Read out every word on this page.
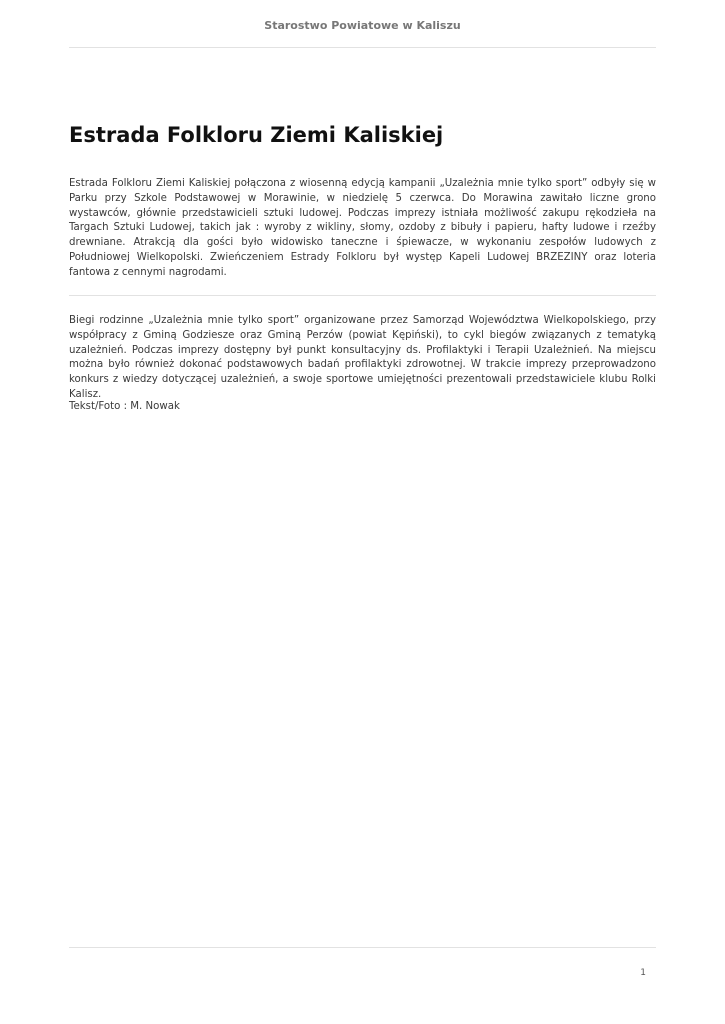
Starostwo Powiatowe w Kaliszu
Estrada Folkloru Ziemi Kaliskiej

Estrada Folkloru Ziemi Kaliskiej połączona z wiosenną edycją kampanii „Uzależnia mnie tylko sport” odbyły się w Parku przy Szkole Podstawowej w Morawinie, w niedzielę 5 czerwca. Do Morawina zawitało liczne grono wystawców, głównie przedstawicieli sztuki ludowej. Podczas imprezy istniała możliwość zakupu rękodzieła na Targach Sztuki Ludowej, takich jak : wyroby z wikliny, słomy, ozdoby z bibuły i papieru, hafty ludowe i rzeźby drewniane. Atrakcją dla gości było widowisko taneczne i śpiewacze, w wykonaniu zespołów ludowych z Południowej Wielkopolski. Zwieńczeniem Estrady Folkloru był występ Kapeli Ludowej BRZEZINY oraz loteria fantowa z cennymi nagrodami.

Biegi rodzinne „Uzależnia mnie tylko sport” organizowane przez Samorząd Województwa Wielkopolskiego, przy współpracy z Gminą Godziesze oraz Gminą Perzów (powiat Kępiński), to cykl biegów związanych z tematyką uzależnień. Podczas imprezy dostępny był punkt konsultacyjny ds. Profilaktyki i Terapii Uzależnień. Na miejscu można było również dokonać podstawowych badań profilaktyki zdrowotnej. W trakcie imprezy przeprowadzono konkurs z wiedzy dotyczącej uzależnień, a swoje sportowe umiejętności prezentowali przedstawiciele klubu Rolki Kalisz.

Tekst/Foto : M. Nowak

1
